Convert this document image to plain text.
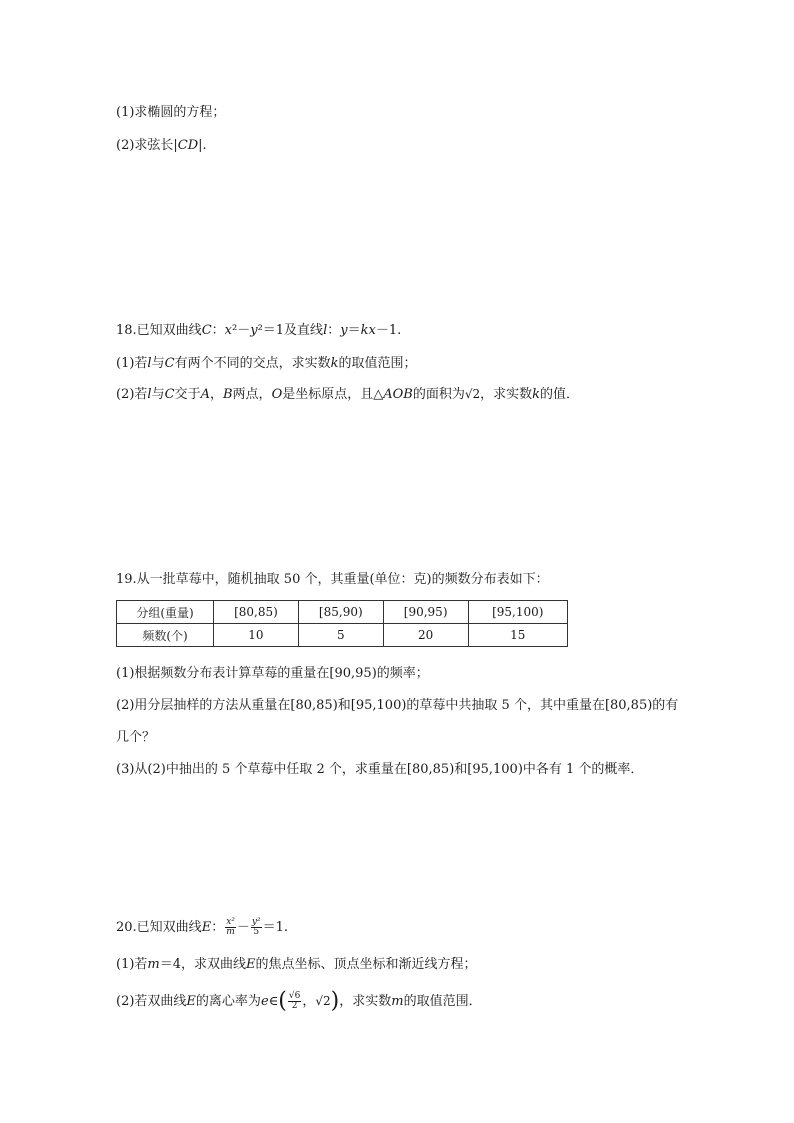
(1)求椭圆的方程；
(2)求弦长|CD|.
18.已知双曲线C：x²－y²＝1及直线l：y＝kx－1.
(1)若l与C有两个不同的交点，求实数k的取值范围；
(2)若l与C交于A，B两点，O是坐标原点，且△AOB的面积为√2，求实数k的值．
19.从一批草莓中，随机抽取 50 个，其重量(单位：克)的频数分布表如下：
分组(重量)	[80,85)	[85,90)	[90,95)	[95,100)
频数(个)	10	5	20	15
(1)根据频数分布表计算草莓的重量在[90,95)的频率；
(2)用分层抽样的方法从重量在[80,85)和[95,100)的草莓中共抽取 5 个，其中重量在[80,85)的有
几个？
(3)从(2)中抽出的 5 个草莓中任取 2 个，求重量在[80,85)和[95,100)中各有 1 个的概率．
20.已知双曲线E： $\frac{\text{x²}}{m} - \frac{\text{y²}}{5} =1$.
(1)若m＝4，求双曲线E的焦点坐标、顶点坐标和渐近线方程；
(2)若双曲线E的离心率为e∈( $\frac{√6}{2}$ ，√2)，求实数m的取值范围．
